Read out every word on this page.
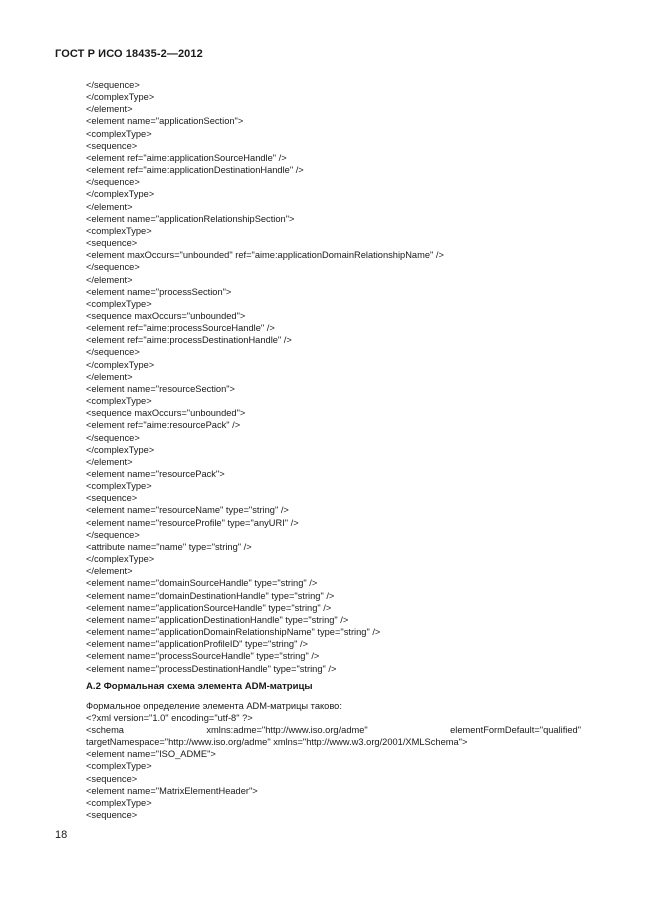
ГОСТ Р ИСО 18435-2—2012
</sequence>
</complexType>
</element>
<element name="applicationSection">
<complexType>
<sequence>
<element ref="aime:applicationSourceHandle" />
<element ref="aime:applicationDestinationHandle" />
</sequence>
</complexType>
</element>
<element name="applicationRelationshipSection">
<complexType>
<sequence>
<element maxOccurs="unbounded" ref="aime:applicationDomainRelationshipName" />
</sequence>
</element>
<element name="processSection">
<complexType>
<sequence maxOccurs="unbounded">
<element ref="aime:processSourceHandle" />
<element ref="aime:processDestinationHandle" />
</sequence>
</complexType>
</element>
<element name="resourceSection">
<complexType>
<sequence maxOccurs="unbounded">
<element ref="aime:resourcePack" />
</sequence>
</complexType>
</element>
<element name="resourcePack">
<complexType>
<sequence>
<element name="resourceName" type="string" />
<element name="resourceProfile" type="anyURI" />
</sequence>
<attribute name="name" type="string" />
</complexType>
</element>
<element name="domainSourceHandle" type="string" />
<element name="domainDestinationHandle" type="string" />
<element name="applicationSourceHandle" type="string" />
<element name="applicationDestinationHandle" type="string" />
<element name="applicationDomainRelationshipName" type="string" />
<element name="applicationProfileID" type="string" />
<element name="processSourceHandle" type="string" />
<element name="processDestinationHandle" type="string" />
А.2 Формальная схема элемента ADM-матрицы
Формальное определение элемента ADM-матрицы таково:
<?xml version="1.0" encoding="utf-8" ?>
<schema xmlns:adme="http://www.iso.org/adme" elementFormDefault="qualified" targetNamespace="http://www.iso.org/adme" xmlns="http://www.w3.org/2001/XMLSchema">
<element name="ISO_ADME">
<complexType>
<sequence>
<element name="MatrixElementHeader">
<complexType>
<sequence>
18
